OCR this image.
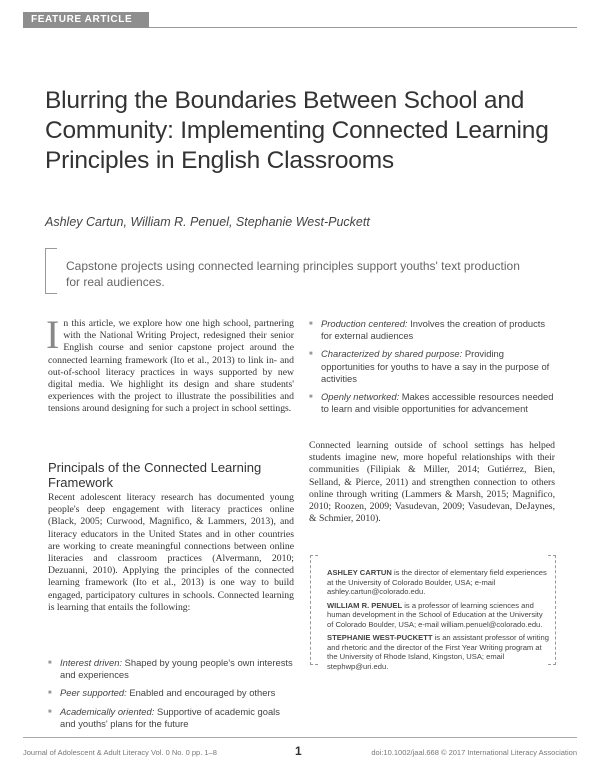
FEATURE ARTICLE
Blurring the Boundaries Between School and Community: Implementing Connected Learning Principles in English Classrooms
Ashley Cartun, William R. Penuel, Stephanie West-Puckett
Capstone projects using connected learning principles support youths' text production for real audiences.
I n this article, we explore how one high school, partnering with the National Writing Project, redesigned their senior English course and senior capstone project around the connected learning framework (Ito et al., 2013) to link in- and out-of-school literacy practices in ways supported by new digital media. We highlight its design and share students' experiences with the project to illustrate the possibilities and tensions around designing for such a project in school settings.
Principals of the Connected Learning Framework
Recent adolescent literacy research has documented young people's deep engagement with literacy practices online (Black, 2005; Curwood, Magnifico, & Lammers, 2013), and literacy educators in the United States and in other countries are working to create meaningful connections between online literacies and classroom practices (Alvermann, 2010; Dezuanni, 2010). Applying the principles of the connected learning framework (Ito et al., 2013) is one way to build engaged, participatory cultures in schools. Connected learning is learning that entails the following:
■ Interest driven: Shaped by young people's own interests and experiences
■ Peer supported: Enabled and encouraged by others
■ Academically oriented: Supportive of academic goals and youths' plans for the future
■ Production centered: Involves the creation of products for external audiences
■ Characterized by shared purpose: Providing opportunities for youths to have a say in the purpose of activities
■ Openly networked: Makes accessible resources needed to learn and visible opportunities for advancement
Connected learning outside of school settings has helped students imagine new, more hopeful relationships with their communities (Filipiak & Miller, 2014; Gutiérrez, Bien, Selland, & Pierce, 2011) and strengthen connection to others online through writing (Lammers & Marsh, 2015; Magnifico, 2010; Roozen, 2009; Vasudevan, 2009; Vasudevan, DeJaynes, & Schmier, 2010).

ASHLEY CARTUN is the director of elementary field experiences at the University of Colorado Boulder, USA; e-mail ashley.cartun@colorado.edu.

WILLIAM R. PENUEL is a professor of learning sciences and human development in the School of Education at the University of Colorado Boulder, USA; e-mail william.penuel@colorado.edu.

STEPHANIE WEST-PUCKETT is an assistant professor of writing and rhetoric and the director of the First Year Writing program at the University of Rhode Island, Kingston, USA; email stephwp@uri.edu.

Journal of Adolescent & Adult Literacy Vol. 0 No. 0 pp. 1–8	1	doi:10.1002/jaal.668 © 2017 International Literacy Association
